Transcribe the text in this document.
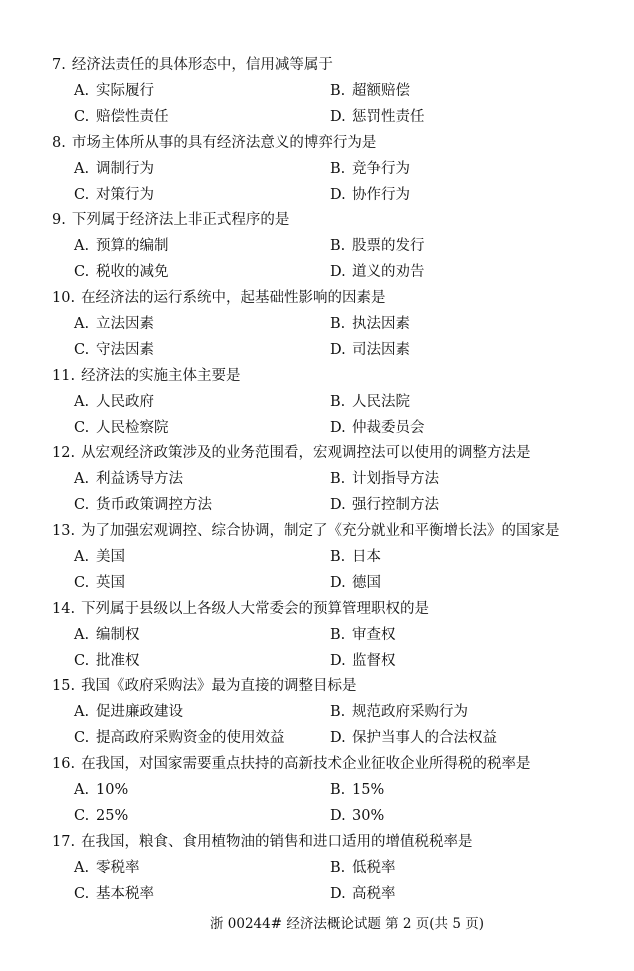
7. 经济法责任的具体形态中，信用减等属于
A. 实际履行	B. 超额赔偿
C. 赔偿性责任	D. 惩罚性责任
8. 市场主体所从事的具有经济法意义的博弈行为是
A. 调制行为	B. 竞争行为
C. 对策行为	D. 协作行为
9. 下列属于经济法上非正式程序的是
A. 预算的编制	B. 股票的发行
C. 税收的减免	D. 道义的劝告
10. 在经济法的运行系统中，起基础性影响的因素是
A. 立法因素	B. 执法因素
C. 守法因素	D. 司法因素
11. 经济法的实施主体主要是
A. 人民政府	B. 人民法院
C. 人民检察院	D. 仲裁委员会
12. 从宏观经济政策涉及的业务范围看，宏观调控法可以使用的调整方法是
A. 利益诱导方法	B. 计划指导方法
C. 货币政策调控方法	D. 强行控制方法
13. 为了加强宏观调控、综合协调，制定了《充分就业和平衡增长法》的国家是
A. 美国	B. 日本
C. 英国	D. 德国
14. 下列属于县级以上各级人大常委会的预算管理职权的是
A. 编制权	B. 审查权
C. 批准权	D. 监督权
15. 我国《政府采购法》最为直接的调整目标是
A. 促进廉政建设	B. 规范政府采购行为
C. 提高政府采购资金的使用效益	D. 保护当事人的合法权益
16. 在我国，对国家需要重点扶持的高新技术企业征收企业所得税的税率是
A. 10%	B. 15%
C. 25%	D. 30%
17. 在我国，粮食、食用植物油的销售和进口适用的增值税税率是
A. 零税率	B. 低税率
C. 基本税率	D. 高税率
浙 00244# 经济法概论试题 第 2 页(共 5 页)
